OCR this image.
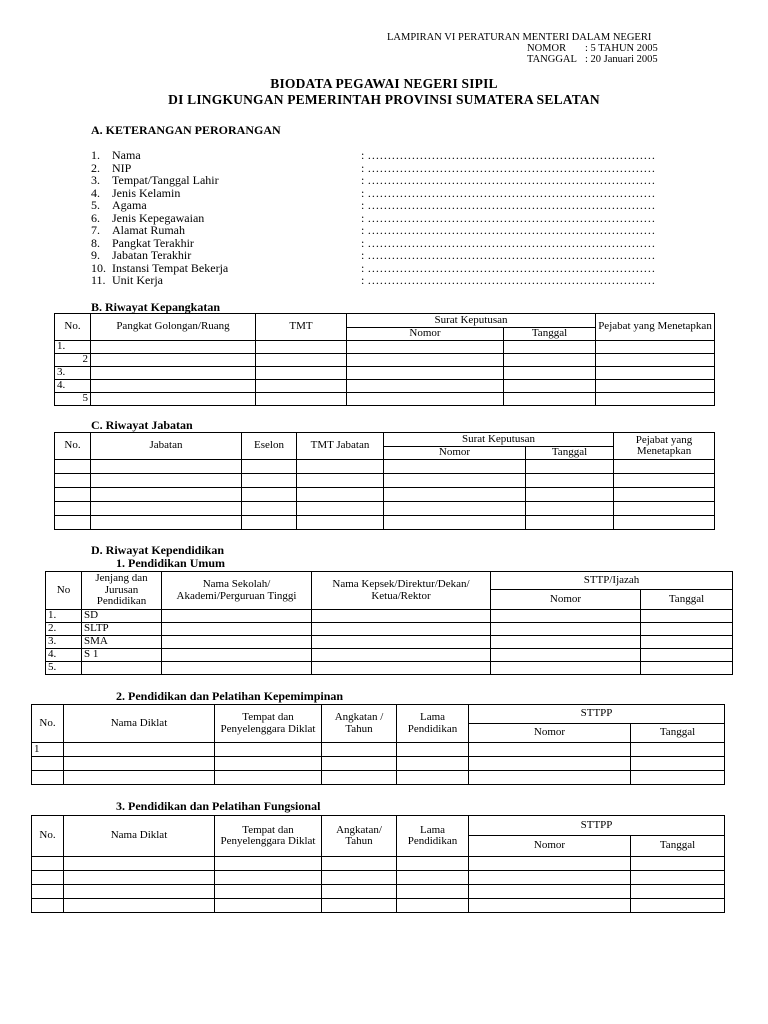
LAMPIRAN VI PERATURAN MENTERI DALAM NEGERI
NOMOR : 5 TAHUN 2005
TANGGAL : 20 Januari 2005
BIODATA PEGAWAI NEGERI SIPIL
DI LINGKUNGAN PEMERINTAH PROVINSI SUMATERA SELATAN
A. KETERANGAN PERORANGAN
1. Nama	: ………………………………………………………………
2. NIP	: ………………………………………………………………
3. Tempat/Tanggal Lahir	: ………………………………………………………………
4. Jenis Kelamin	: ………………………………………………………………
5. Agama	: ………………………………………………………………
6. Jenis Kepegawaian	: ………………………………………………………………
7. Alamat Rumah	: ………………………………………………………………
8. Pangkat Terakhir	: ………………………………………………………………
9. Jabatan Terakhir	: ………………………………………………………………
10. Instansi Tempat Bekerja	: ………………………………………………………………
11. Unit Kerja	: ………………………………………………………………
B. Riwayat Kepangkatan
No.	Pangkat Golongan/Ruang	TMT	Surat Keputusan		Pejabat yang Menetapkan
			Nomor	Tanggal	
1.					
2					
3.					
4.					
5					
C. Riwayat Jabatan
No.	Jabatan	Eselon	TMT Jabatan	Surat Keputusan		Pejabat yang Menetapkan
				Nomor	Tanggal	

D. Riwayat Kependidikan
1. Pendidikan Umum
No	Jenjang dan Jurusan Pendidikan	Nama Sekolah/ Akademi/Perguruan Tinggi	Nama Kepsek/Direktur/Dekan/ Ketua/Rektor	STTP/Ijazah	
				Nomor	Tanggal
1.	SD				
2.	SLTP				
3.	SMA				
4.	S 1				
5.					
2. Pendidikan dan Pelatihan Kepemimpinan
No.	Nama Diklat	Tempat dan Penyelenggara Diklat	Angkatan / Tahun	Lama Pendidikan	STTPP	
					Nomor	Tanggal
1						

3. Pendidikan dan Pelatihan Fungsional
No.	Nama Diklat	Tempat dan Penyelenggara Diklat	Angkatan/ Tahun	Lama Pendidikan	STTPP	
					Nomor	Tanggal
